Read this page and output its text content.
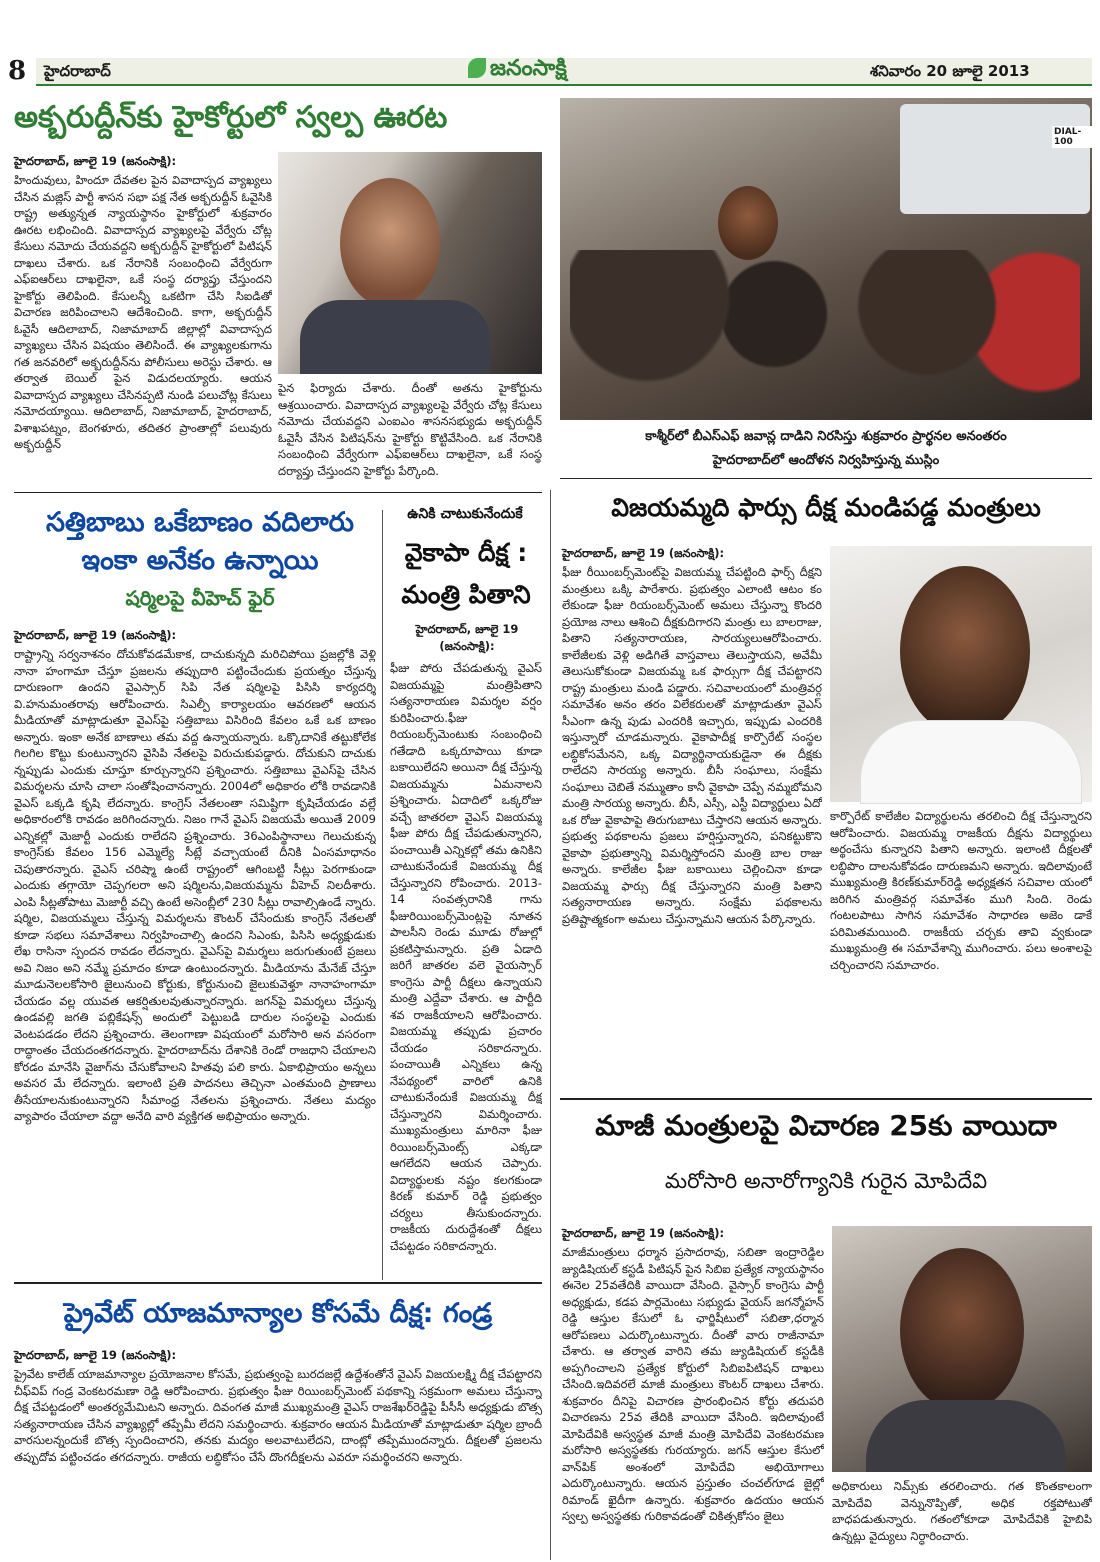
8 హైదరాబాద్	జనంసాక్షి	శనివారం 20 జూలై 2013
అక్బరుద్దీన్‌కు హైకోర్టులో స్వల్ప ఊరట
హైదరాబాద్, జూలై 19 (జనంసాక్షి):
హిందువులు, హిందూ దేవతల పైన వివాదాస్పద వ్యాఖ్యలు చేసిన మజ్లిస్ పార్టీ శాసన సభా పక్ష నేత అక్బరుద్దీన్ ఓవైసికి రాష్ట్ర అత్యున్నత న్యాయస్థానం హైకోర్టులో శుక్రవారం ఊరట లభించింది. వివాదాస్పద వ్యాఖ్యలపై వేర్వేరు చోట్ల కేసులు నమోదు చేయవద్దని అక్బరుద్దీన్ హైకోర్టులో పిటిషన్ దాఖలు చేశారు. ఒక నేరానికి సంబంధించి వేర్వేరుగా ఎఫ్‌ఐఆర్‌లు దాఖలైనా, ఒకే సంస్థ దర్యాప్తు చేస్తుందని హైకోర్టు తెలిపింది. కేసులన్నీ ఒకటిగా చేసి సిఐడితో విచారణ జరిపించాలని ఆదేశించింది. కాగా, అక్బరుద్దీన్ ఓవైసీ ఆదిలాబాద్, నిజామాబాద్ జిల్లాల్లో వివాదాస్పద వ్యాఖ్యలు చేసిన విషయం తెలిసిందే. ఈ వ్యాఖ్యలకుగాను గత జనవరిలో అక్బరుద్దీన్‌ను పోలీసులు అరెస్టు చేశారు. ఆ తర్వాత బెయిల్ పైన విడుదలయ్యారు. ఆయన వివాదాస్పద వ్యాఖ్యలు చేసినప్పటి నుండి పలుచోట్ల కేసులు నమోదయ్యాయి. ఆదిలాబాద్, నిజామాబాద్, హైదరాబాద్, విశాఖపట్నం, బెంగళూరు, తదితర ప్రాంతాల్లో పలువురు అక్బరుద్దీన్
పైన ఫిర్యాదు చేశారు. దీంతో అతను హైకోర్టును ఆశ్రయించారు. వివాదాస్పద వ్యాఖ్యలపై వేర్వేరు చోట్ల కేసులు నమోదు చేయవద్దని ఎంఐఎం శాసనసభ్యుడు అక్బరుద్దీన్ ఓవైసీ వేసిన పిటిషన్‌ను హైకోర్టు కొట్టివేసింది. ఒక నేరానికి సంబంధించి వేర్వేరుగా ఎఫ్‌ఐఆర్‌లు దాఖలైనా, ఒకే సంస్థ దర్యాప్తు చేస్తుందని హైకోర్టు పేర్కొంది.
DIAL-100
కాశ్మీర్‌లో బీఎస్‌ఎఫ్ జవాన్ల దాడిని నిరసిస్తు శుక్రవారం ప్రార్థనల అనంతరం
హైదరాబాద్‌లో ఆందోళన నిర్వహిస్తున్న ముస్లిం
సత్తిబాబు ఒకేబాణం వదిలారు
ఇంకా అనేకం ఉన్నాయి
షర్మిలపై వీహెచ్ ఫైర్
హైదరాబాద్, జూలై 19 (జనంసాక్షి):
రాష్ట్రాన్ని సర్వనాశనం దోచుకోవడమేకాక, దాచుకున్నది మరిచిపోయి ప్రజల్లోకి వెళ్లి నానా హంగామా చేస్తూ ప్రజలను తప్పుదారి పట్టించేందుకు ప్రయత్నం చేస్తున్న దారుణంగా ఉందని వైఎస్సార్ సిపి నేత షర్మిలపై పిసిసి కార్యదర్శి వి.హనుమంతరావు ఆరోపించారు. సిఎల్పీ కార్యాలయం ఆవరణలో ఆయన మీడియాతో మాట్లాడుతూ వైఎస్‌పై సత్తిబాబు విసిరింది కేవలం ఒకే ఒక బాణం అన్నారు. ఇంకా అనేక బాణాలు తమ వద్ద ఉన్నాయన్నారు. ఒక్కొదానికే తట్టుకోలేక గిలగిల కొట్టు కుంటున్నారని వైసిపి నేతలపై విరుచుకుపడ్డారు. దోచుకుని దాచుకు న్నప్పుడు ఎందుకు చూస్తూ కూర్చున్నారని ప్రశ్నించారు. సత్తిబాబు వైఎస్‌పై చేసిన విమర్శలను చూసి చాలా సంతోషించానన్నారు. 2004లో అధికారం లోకి రావడానికి వైఎస్ ఒక్కడి కృషి లేదన్నారు. కాంగ్రెస్ నేతలంతా సమిష్టిగా కృషిచేయడం వల్లే అధికారంలోకి రావడం జరిగిందన్నారు. నిజం గానే వైఎస్ విజయమే అయితే 2009 ఎన్నికల్లో మెజార్టీ ఎందుకు రాలేదని ప్రశ్నించారు. 36ఎంపిస్థానాలు గెలుచుకున్న కాంగ్రెస్‌కు కేవలం 156 ఎమ్మెల్యే సీట్లే వచ్చాయంటే దీనికి ఏంసమాధానం చెపుతారన్నారు. వైఎస్ చరిష్మా ఉంటే రాష్ట్రంలో ఆగింబట్టి సీట్లు పెరగాకుండా ఎందుకు తగ్గాయో చెప్పగలరా అని షర్మిలను,విజయమ్మను వీహెచ్ నిలదీశారు. ఎంపి సీట్లతోపాటు మెజార్టీ వచ్చి ఉంటే అసెంబ్లీలో 230 సీట్లు రావాల్సిఉండే న్నారు. షర్మిల, విజయమ్మలు చేస్తున్న విమర్శలను కౌంటర్ చేసేందుకు కాంగ్రెస్ నేతలతో కూడా సభలు సమావేశాలు నిర్వహించాల్సి ఉందని సిఎంకు, పిసిసి అధ్యక్షుడుకు లేఖ రాసినా స్పందన రావడం లేదన్నారు. వైఎస్‌పై విమర్శలు జరుగుతుంటే ప్రజలు అవి నిజం అని నమ్మే ప్రమాదం కూడా ఉంటుందన్నారు. మీడియాను మేనేజ్ చేస్తూ మూడునెలలకోసారి జైలునుంచి కోర్టుకు, కోర్టునుంచి జైలుకువెళ్తూ నానాహంగామా చేయడం వల్ల యువత ఆకర్షితులవుతున్నారన్నారు. జగన్‌పై విమర్శలు చేస్తున్న ఉండవల్లి జగతి పబ్లికేషన్స్ అందులో పెట్టుబడి దారుల సంస్థలపై ఎందుకు వెంటపడడం లేదని ప్రశ్నించారు. తెలంగాణా విషయంలో మరోసారి అన వసరంగా రాద్ధాంతం చేయదంతగదన్నారు. హైదరాబాద్‌ను దేశానికి రెండో రాజధాని చేయాలని కోరడం మానేసి వైజాగ్‌ను చేసుకోవాలని హితవు పలి కారు. ఏకాభిప్రాయం అన్నలు అవసర మే లేదన్నారు. ఇలాంటి ప్రతి పాదనలు తెచ్చినా ఎంతమంది ప్రాణాలు తీసేయాలనుకుంటున్నారని సీమాంధ్ర నేతలను ప్రశ్నించారు. నేతలు మద్యం వ్యాపారం చేయాలా వద్దా అనేది వారి వ్యక్తిగత అభిప్రాయం అన్నారు.
ఉనికి చాటుకునేందుకే
వైకాపా దీక్ష :
మంత్రి పితాని
హైదరాబాద్, జూలై 19 (జనంసాక్షి):
ఫీజు పోరు చేపడుతున్న వైఎస్ విజయమ్మపై మంత్రిపితాని సత్యనారాయణ విమర్శల వర్షం కురిపించారు.ఫీజు రియంబర్స్‌మెంటుకు సంబంధించి గతేడాది ఒక్కరూపాయి కూడా బకాయిలేదని అయినా దీక్ష చేస్తున్న విజయమ్మను ఏమనాలని ప్రశ్నించారు. ఏదాదిలో ఒక్కరోజు వచ్చే జాతరలా వైఎస్ విజయమ్మ ఫీజు పోరు దీక్ష చేపడుతున్నారని, పంచాయితీ ఎన్నికల్లో తమ ఉనికిని చాటుకునేందుకే విజయమ్మ దీక్ష చేస్తున్నారని రోపించారు. 2013-14 సంవత్సరానికి గాను ఫీజురియింబర్స్‌మెంట్లపై నూతన పాలసీని రెండు మూడు రోజుల్లో ప్రకటిస్తామన్నారు. ప్రతి ఏడాది జరిగే జాతరల వలె వైయస్సార్ కాంగ్రెసు పార్టీ దీక్షలు ఉన్నాయని మంత్రి ఎద్దేవా చేశారు. ఆ పార్టీది శవ రాజకీయాలని ఆరోపించారు. విజయమ్మ తప్పుడు ప్రచారం చేయడం సరికాదన్నారు. పంచాయితీ ఎన్నికలు ఉన్న నేపథ్యంలో వారిలో ఉనికి చాటుకునేందుకే విజయమ్మ దీక్ష చేస్తున్నారని విమర్శించారు. ముఖ్యమంత్రులు మారినా ఫీజు రియింబర్స్‌మెంట్స్ ఎక్కడా ఆగలేదని ఆయన చెప్పారు. విద్యార్థులకు నష్టం కలగకుండా కిరణ్ కుమార్ రెడ్డి ప్రభుత్వం చర్యలు తీసుకుందన్నారు. రాజకీయ దురుద్దేశంతో దీక్షలు చేపట్టడం సరికాదన్నారు.
విజయమ్మది ఫార్సు దీక్ష మండిపడ్డ మంత్రులు
హైదరాబాద్, జూలై 19 (జనంసాక్షి):
ఫీజు రీయింబర్స్‌మెంట్‌పై విజయమ్మ చేపట్టింది ఫార్స్ దీక్షని మంత్రులు ఒక్కి పారేశారు. ప్రభుత్వం ఎలాంటి ఆటం కం లేకుండా ఫీజు రియంబర్స్‌మెంట్ అమలు చేస్తున్నా కొందరి ప్రయోజ నాలు ఆశించి దీక్షకుదిగారని మంత్రు లు బాలరాజు, పితాని సత్యనారాయణ, సారయ్యలుఆరోపించారు. కాలేజీలకు వెళ్లి అడిగితే వాస్తవాలు తెలుస్తాయని, అవేమీ తెలుసుకోకుండా విజయమ్మ ఒక ఫార్సుగా దీక్ష చేపట్టారని రాష్ట్ర మంత్రులు మండి పడ్డారు. సచివాలయంలో మంత్రివర్గ సమావేశం అనం తరం విలేకరులతో మాట్లాడుతూ వైఎస్ సీఎంగా ఉన్న పుడు ఎందరికి ఇచ్చారు, ఇప్పుడు ఎందరికి ఇస్తున్నారో చూడమన్నారు. వైకాపాదీక్ష కార్పొరేట్ సంస్థల లబ్ధికోసమేనని, ఒక్క విద్యార్థినాయకుడైనా ఈ దీక్షకు రాలేదని సారయ్య అన్నారు. బీసీ సంఘాలు, సంక్షేమ సంఘాలు చెబితే నమ్ముతాం కానీ వైకాపా చెప్పే నమ్మబోమని మంత్రి సారయ్య అన్నారు. బీసీ, ఎస్సీ, ఎస్టీ విద్యార్థులు ఏదో ఒక రోజు వైకాపాపై తిరుగుబాటు చేస్తారని ఆయన అన్నారు. ప్రభుత్వ పథకాలను ప్రజలు హర్షిస్తున్నారని, పనికట్టుకొని వైకాపా ప్రభుత్వాన్ని విమర్శిస్తోందని మంత్రి బాల రాజు అన్నారు. కాలేజీల ఫీజు బకాయిలు చెల్లించినా కూడా విజయమ్మ ఫార్సు దీక్ష చేస్తున్నారని మంత్రి పితాని సత్యనారాయణ అన్నారు. సంక్షేమ పథకాలను ప్రతిష్టాత్మకంగా అమలు చేస్తున్నామని ఆయన పేర్కొన్నారు.
కార్పొరేట్ కాలేజీల విద్యార్థులను తరలించి దీక్ష చేస్తున్నారని ఆరోపించారు. విజయమ్మ రాజకీయ దీక్షను విద్యార్థులు అర్థంచేసు కున్నారని పితాని అన్నారు. ఇలాంటి దీక్షలతో లబ్ధిపొం దాలనుకోవడం దారుణమని అన్నారు. ఇదిలావుంటే ముఖ్యమంత్రి కిరణ్‌కుమార్‌రెడ్డి అధ్యక్షతన సచివాల యంలో జరిగిన మంత్రివర్గ సమావేశం ముగి సింది. రెండు గంటలపాటు సాగిన సమావేశం సాధారణ అజెం డాకే పరిమితమయింది. రాజకీయ చర్చకు తావి వ్వకుండా ముఖ్యమంత్రి ఈ సమావేశాన్ని ముగించారు. పలు అంశాలపై చర్చించారని సమాచారం.
మాజీ మంత్రులపై విచారణ 25కు వాయిదా
మరోసారి అనారోగ్యానికి గురైన మోపిదేవి
హైదరాబాద్, జూలై 19 (జనంసాక్షి):
మాజీమంత్రులు ధర్మాన ప్రసాదరావు, సబితా ఇంద్రారెడ్డిల జ్యుడిషియల్ కస్టడీ పిటిషన్ పైన సిబిఐ ప్రత్యేక న్యాయస్థానం ఈనెల 25వతేదికి వాయిదా వేసింది. వైస్సార్ కాంగ్రెసు పార్టీ అధ్యక్షుడు, కడప పార్లమెంటు సభ్యుడు వైయస్ జగన్మోహన్ రెడ్డి ఆస్తుల కేసులో ఓ ఛార్జిషీటులో సబితా,ధర్మాన ఆరోపణలు ఎదుర్కొంటున్నారు. దీంతో వారు రాజీనామా చేశారు. ఆ తర్వాత వారిని తమ జ్యుడిషియల్ కస్టడీకి అప్పగించాలని ప్రత్యేక కోర్టులో సిబిఐపిటిషన్ దాఖలు చేసింది.ఇదివరలే మాజీ మంత్రులు కౌంటర్ దాఖలు చేశారు. శుక్రవారం దీనిపై విచారణ ప్రారంభించిన కోర్టు తదుపరి విచారణను 25వ తేదికి వాయిదా వేసింది. ఇదిలావుంటే మోపిదేవికి అస్వస్థత మాజీ మంత్రి మోపిదేవి వెంకటరమణ మరోసారి అస్వస్థతకు గురయ్యారు. జగన్ ఆస్తుల కేసులో వాన్‌పిక్ అంశంలో మోపిదేవి అభియోగాలు ఎదుర్కొంటున్నారు. ఆయన ప్రస్తుతం చంచల్‌గూడ జైల్లో రిమాండ్ ఖైదీగా ఉన్నారు. శుక్రవారం ఉదయం ఆయన స్వల్ప అస్వస్థతకు గురికావడంతో చికిత్సకోసం జైలు
అధికారులు నిమ్స్‌కు తరలించారు. గత కొంతకాలంగా మోపిదేవి వెన్నునొప్పితో, అధిక రక్తపోటుతో బాధపడుతున్నారు. గతంలోకూడా మోపిదేవికి హైబిపి ఉన్నట్లు వైద్యులు నిర్ధారించారు.
ప్రైవేట్ యాజమాన్యాల కోసమే దీక్ష: గండ్ర
హైదరాబాద్, జూలై 19 (జనంసాక్షి):
ప్రైవేట కాలేజ్ యాజమాన్యాల ప్రయోజనాల కోసమే, ప్రభుత్వంపై బురదజల్లే ఉద్దేశంతోనే వైఎస్ విజయలక్ష్మి దీక్ష చేపట్టారని చీఫ్‌విప్ గండ్ర వెంకటరమణా రెడ్డి ఆరోపించారు. ప్రభుత్వం ఫీజు రియింబర్స్‌మెంట్ పథకాన్ని సక్రమంగా అమలు చేస్తున్నా దీక్ష చేపట్టడంలో అంతర్యమేమిటని అన్నారు. దివంగత మాజీ ముఖ్యమంత్రి వైఎస్ రాజశేఖర్‌రెడ్డిపై పీసీసీ అధ్యక్షుడు బొత్స సత్యనారాయణ చేసిన వ్యాఖ్యల్లో తప్పేమీ లేదని సమర్థించారు. శుక్రవారం ఆయన మీడియాతో మాట్లాడుతూ షర్మిల బ్రాందీ వారసులన్నందుకే బొత్స స్పందించారని, తనకు మద్యం అలవాటులేదని, దాంట్లో తప్పేముందన్నారు. దీక్షలతో ప్రజలను తప్పుదోవ పట్టించడం తగదన్నారు. రాజీయ లబ్ధికోసం చేసే దొంగదీక్షలను ఎవరూ సమర్థించరని అన్నారు.
